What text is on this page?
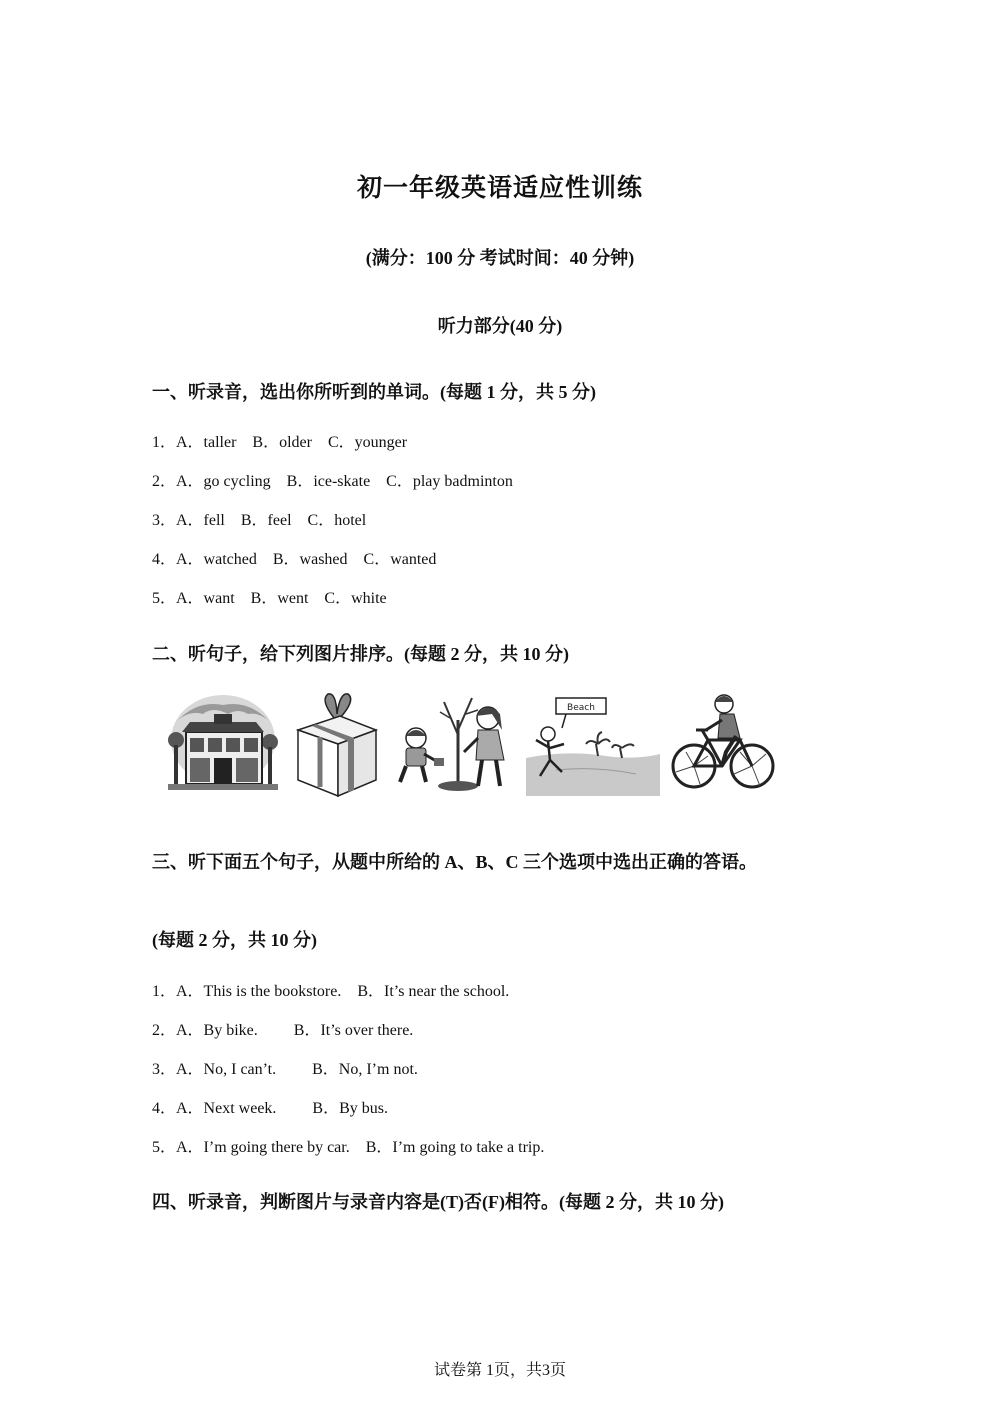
初一年级英语适应性训练
(满分：100 分 考试时间：40 分钟)
听力部分(40 分)
一、听录音，选出你所听到的单词。(每题 1 分，共 5 分)
1．A．taller    B．older    C．younger
2．A．go cycling    B．ice-skate    C．play badminton
3．A．fell    B．feel    C．hotel
4．A．watched    B．washed    C．wanted
5．A．want    B．went    C．white
二、听句子，给下列图片排序。(每题 2 分，共 10 分)
Beach
三、听下面五个句子，从题中所给的 A、B、C 三个选项中选出正确的答语。
(每题 2 分，共 10 分)
1．A．This is the bookstore.    B．It’s near the school.
2．A．By bike.         B．It’s over there.
3．A．No, I can’t.         B．No, I’m not.
4．A．Next week.         B．By bus.
5．A．I’m going there by car.    B．I’m going to take a trip.
四、听录音，判断图片与录音内容是(T)否(F)相符。(每题 2 分，共 10 分)
试卷第 1页，共3页
